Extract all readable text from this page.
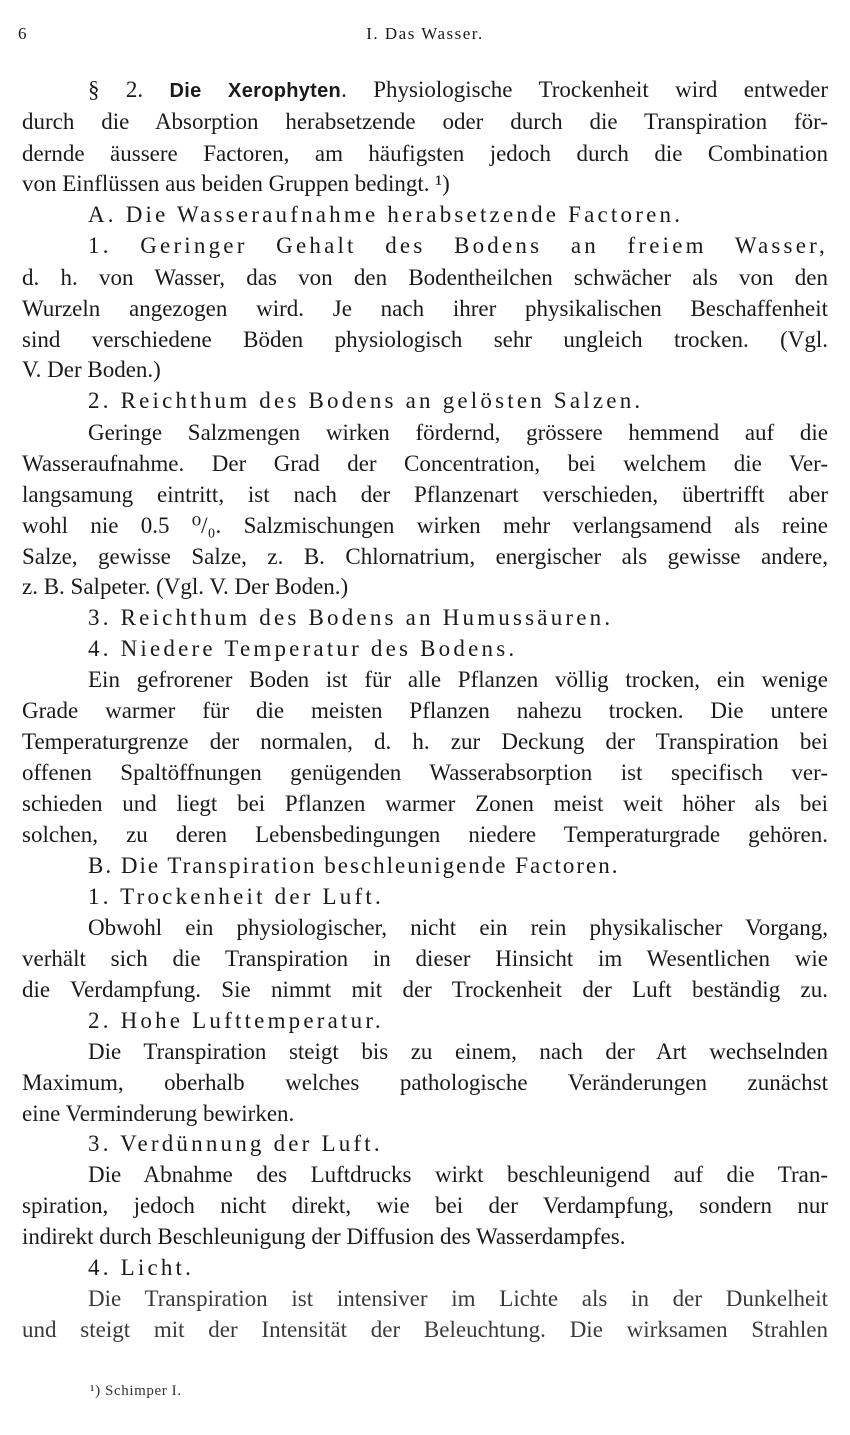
6	I. Das Wasser.
§ 2. Die Xerophyten. Physiologische Trockenheit wird entweder
durch die Absorption herabsetzende oder durch die Transpiration för-
dernde äussere Factoren, am häufigsten jedoch durch die Combination
von Einflüssen aus beiden Gruppen bedingt. ¹)
A. Die Wasseraufnahme herabsetzende Factoren.
1. Geringer Gehalt des Bodens an freiem Wasser,
d. h. von Wasser, das von den Bodentheilchen schwächer als von den
Wurzeln angezogen wird. Je nach ihrer physikalischen Beschaffenheit
sind verschiedene Böden physiologisch sehr ungleich trocken. (Vgl.
V. Der Boden.)
2. Reichthum des Bodens an gelösten Salzen.
Geringe Salzmengen wirken fördernd, grössere hemmend auf die
Wasseraufnahme. Der Grad der Concentration, bei welchem die Ver-
langsamung eintritt, ist nach der Pflanzenart verschieden, übertrifft aber
wohl nie 0.5 ⁰/₀. Salzmischungen wirken mehr verlangsamend als reine
Salze, gewisse Salze, z. B. Chlornatrium, energischer als gewisse andere,
z. B. Salpeter. (Vgl. V. Der Boden.)
3. Reichthum des Bodens an Humussäuren.
4. Niedere Temperatur des Bodens.
Ein gefrorener Boden ist für alle Pflanzen völlig trocken, ein wenige
Grade warmer für die meisten Pflanzen nahezu trocken. Die untere
Temperaturgrenze der normalen, d. h. zur Deckung der Transpiration bei
offenen Spaltöffnungen genügenden Wasserabsorption ist specifisch ver-
schieden und liegt bei Pflanzen warmer Zonen meist weit höher als bei
solchen, zu deren Lebensbedingungen niedere Temperaturgrade gehören.
B. Die Transpiration beschleunigende Factoren.
1. Trockenheit der Luft.
Obwohl ein physiologischer, nicht ein rein physikalischer Vorgang,
verhält sich die Transpiration in dieser Hinsicht im Wesentlichen wie
die Verdampfung. Sie nimmt mit der Trockenheit der Luft beständig zu.
2. Hohe Lufttemperatur.
Die Transpiration steigt bis zu einem, nach der Art wechselnden
Maximum, oberhalb welches pathologische Veränderungen zunächst
eine Verminderung bewirken.
3. Verdünnung der Luft.
Die Abnahme des Luftdrucks wirkt beschleunigend auf die Tran-
spiration, jedoch nicht direkt, wie bei der Verdampfung, sondern nur
indirekt durch Beschleunigung der Diffusion des Wasserdampfes.
4. Licht.
Die Transpiration ist intensiver im Lichte als in der Dunkelheit
und steigt mit der Intensität der Beleuchtung. Die wirksamen Strahlen
¹) Schimper I.
